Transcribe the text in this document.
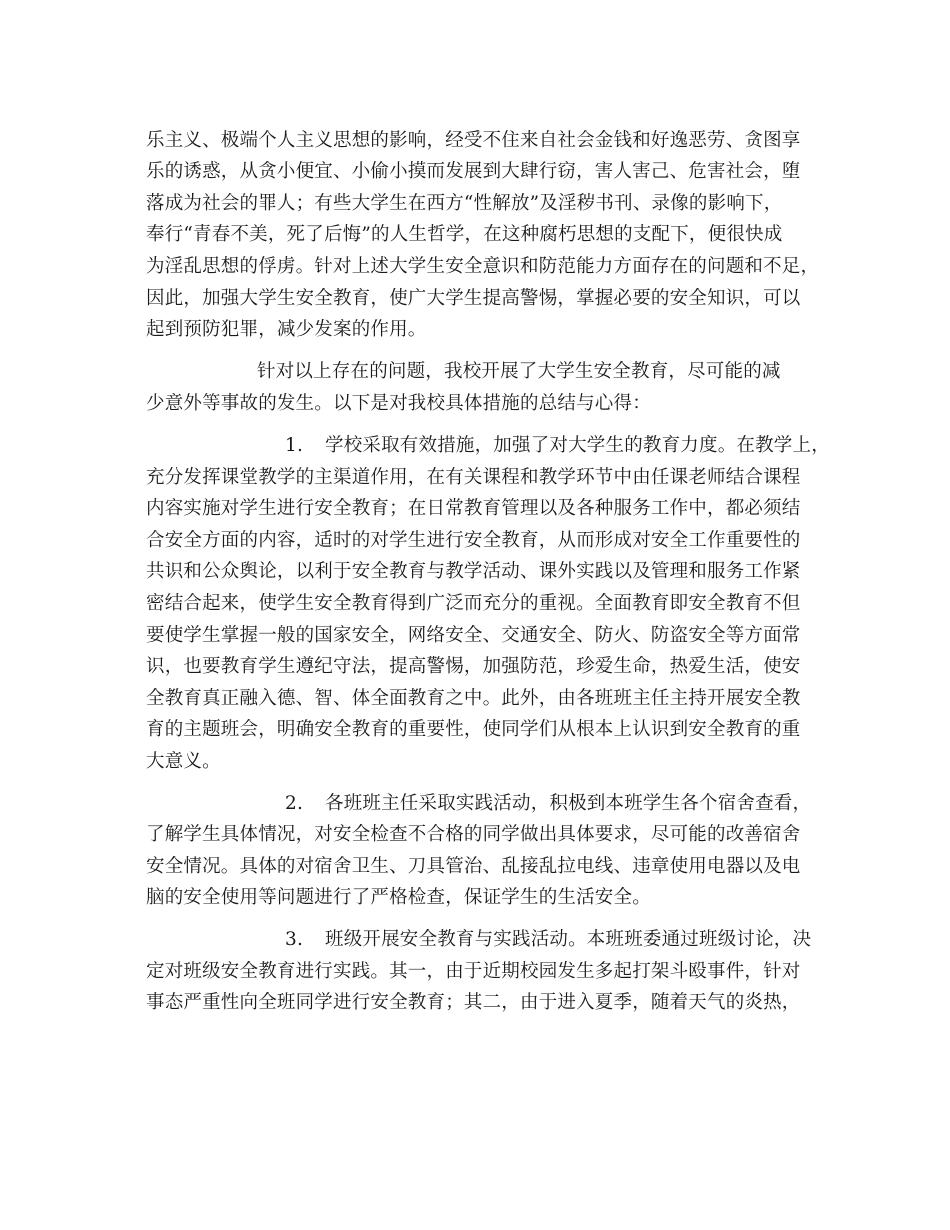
乐主义、极端个人主义思想的影响，经受不住来自社会金钱和好逸恶劳、贪图享
乐的诱惑，从贪小便宜、小偷小摸而发展到大肆行窃，害人害己、危害社会，堕
落成为社会的罪人；有些大学生在西方“性解放”及淫秽书刊、录像的影响下，
奉行“青春不美，死了后悔”的人生哲学，在这种腐朽思想的支配下，便很快成
为淫乱思想的俘虏。针对上述大学生安全意识和防范能力方面存在的问题和不足，
因此，加强大学生安全教育，使广大学生提高警惕，掌握必要的安全知识，可以
起到预防犯罪，减少发案的作用。
针对以上存在的问题，我校开展了大学生安全教育，尽可能的减
少意外等事故的发生。以下是对我校具体措施的总结与心得：
1. 学校采取有效措施，加强了对大学生的教育力度。在教学上，
充分发挥课堂教学的主渠道作用，在有关课程和教学环节中由任课老师结合课程
内容实施对学生进行安全教育；在日常教育管理以及各种服务工作中，都必须结
合安全方面的内容，适时的对学生进行安全教育，从而形成对安全工作重要性的
共识和公众舆论，以利于安全教育与教学活动、课外实践以及管理和服务工作紧
密结合起来，使学生安全教育得到广泛而充分的重视。全面教育即安全教育不但
要使学生掌握一般的国家安全，网络安全、交通安全、防火、防盗安全等方面常
识，也要教育学生遵纪守法，提高警惕，加强防范，珍爱生命，热爱生活，使安
全教育真正融入德、智、体全面教育之中。此外，由各班班主任主持开展安全教
育的主题班会，明确安全教育的重要性，使同学们从根本上认识到安全教育的重
大意义。
2. 各班班主任采取实践活动，积极到本班学生各个宿舍查看，
了解学生具体情况，对安全检查不合格的同学做出具体要求，尽可能的改善宿舍
安全情况。具体的对宿舍卫生、刀具管治、乱接乱拉电线、违章使用电器以及电
脑的安全使用等问题进行了严格检查，保证学生的生活安全。
3. 班级开展安全教育与实践活动。本班班委通过班级讨论，决
定对班级安全教育进行实践。其一，由于近期校园发生多起打架斗殴事件，针对
事态严重性向全班同学进行安全教育；其二，由于进入夏季，随着天气的炎热，
